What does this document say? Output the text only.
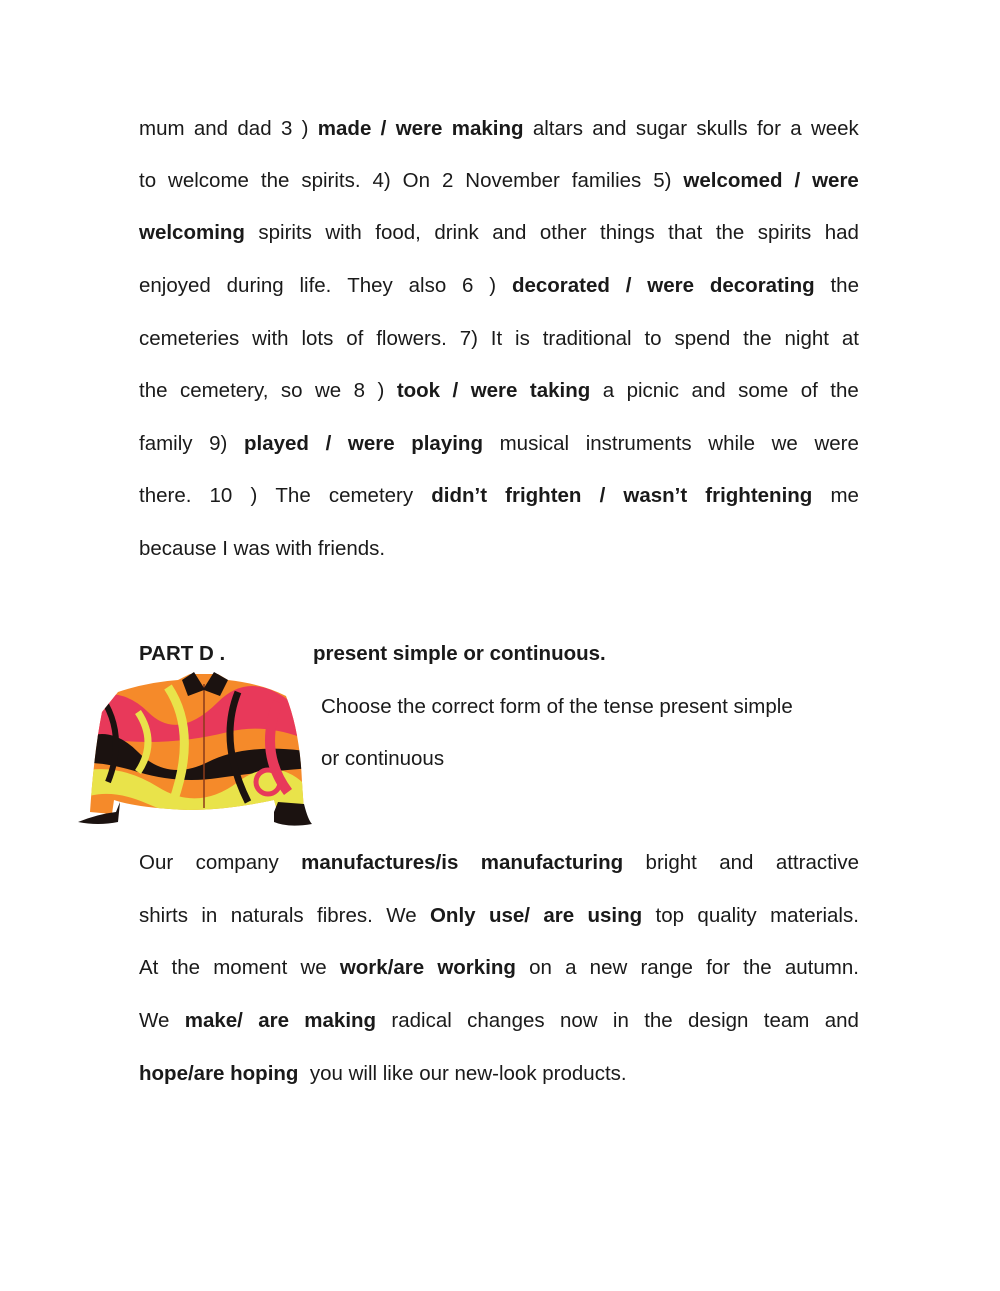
mum and dad 3 ) made / were making altars and sugar skulls for a week
to welcome the spirits. 4) On 2 November families 5) welcomed / were
welcoming spirits with food, drink and other things that the spirits had
enjoyed during life. They also 6 ) decorated / were decorating the
cemeteries with lots of flowers. 7) It is traditional to spend the night at
the cemetery, so we 8 ) took / were taking a picnic and some of the
family 9) played / were playing musical instruments while we were
there. 10 ) The cemetery didn’t frighten / wasn’t frightening me
because I was with friends.
PART D .	present simple or continuous.
Choose the correct form of the tense present simple
or continuous
Our company manufactures/is manufacturing bright and attractive
shirts in naturals fibres. We Only use/ are using top quality materials.
At the moment we work/are working on a new range for the autumn.
We make/ are making radical changes now in the design team and
hope/are hoping  you will like our new-look products.
